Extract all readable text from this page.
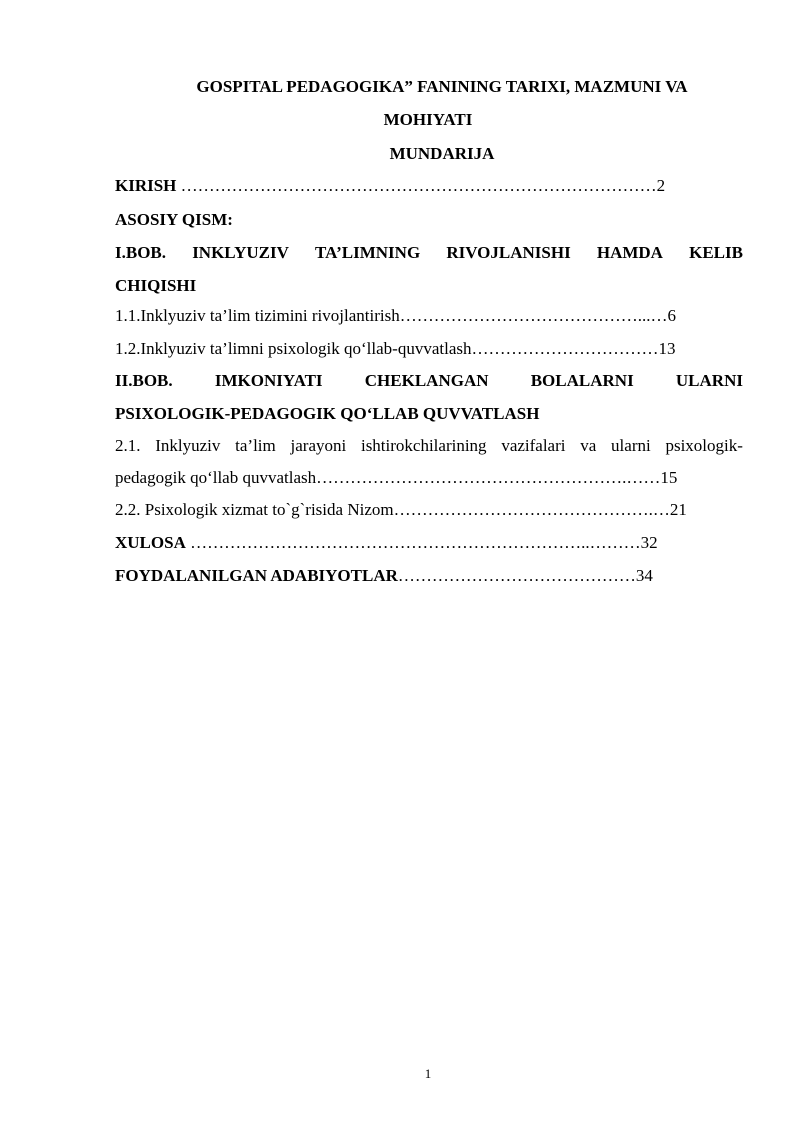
GOSPITAL PEDAGOGIKA” FANINING TARIXI, MAZMUNI VA
MOHIYATI
MUNDARIJA
KIRISH …………………………………………………………………………2
ASOSIY QISM:
I.BOB. INKLYUZIV TA’LIMNING RIVOJLANISHI HAMDA KELIB
CHIQISHI
1.1.Inklyuziv ta’lim tizimini rivojlantirish……………………………………...…6
1.2.Inklyuziv ta’limni psixologik qo‘llab-quvvatlash……………………………13
II.BOB. IMKONIYATI CHEKLANGAN BOLALARNI ULARNI
PSIXOLOGIK-PEDAGOGIK QO‘LLAB QUVVATLASH
2.1. Inklyuziv ta’lim jarayoni ishtirokchilarining vazifalari va ularni psixologik-
pedagogik qo‘llab quvvatlash……………………………………………….……15
2.2. Psixologik xizmat to`g`risida Nizom……………………………………….…21
XULOSA ……………………………………………………………..………32
FOYDALANILGAN ADABIYOTLAR……………………………………34
1
